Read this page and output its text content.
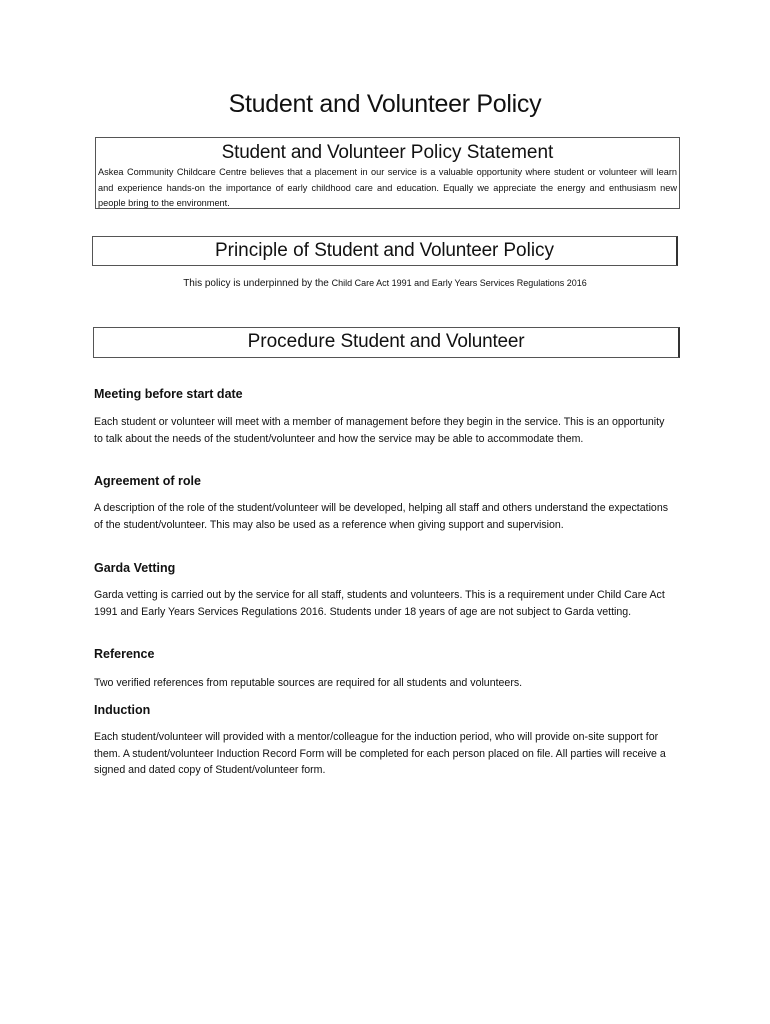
Student and Volunteer Policy
Student and Volunteer Policy Statement
Askea Community Childcare Centre believes that a placement in our service is a valuable opportunity where student or volunteer will learn and experience hands-on the importance of early childhood care and education. Equally we appreciate the energy and enthusiasm new people bring to the environment.
Principle of Student and Volunteer Policy
This policy is underpinned by the Child Care Act 1991 and Early Years Services Regulations 2016
Procedure Student and Volunteer
Meeting before start date
Each student or volunteer will meet with a member of management before they begin in the service. This is an opportunity to talk about the needs of the student/volunteer and how the service may be able to accommodate them.
Agreement of role
A description of the role of the student/volunteer will be developed, helping all staff and others understand the expectations of the student/volunteer. This may also be used as a reference when giving support and supervision.
Garda Vetting
Garda vetting is carried out by the service for all staff, students and volunteers. This is a requirement under Child Care Act 1991 and Early Years Services Regulations 2016. Students under 18 years of age are not subject to Garda vetting.
Reference
Two verified references from reputable sources are required for all students and volunteers.
Induction
Each student/volunteer will provided with a mentor/colleague for the induction period, who will provide on-site support for them. A student/volunteer Induction Record Form will be completed for each person placed on file. All parties will receive a signed and dated copy of Student/volunteer form.
